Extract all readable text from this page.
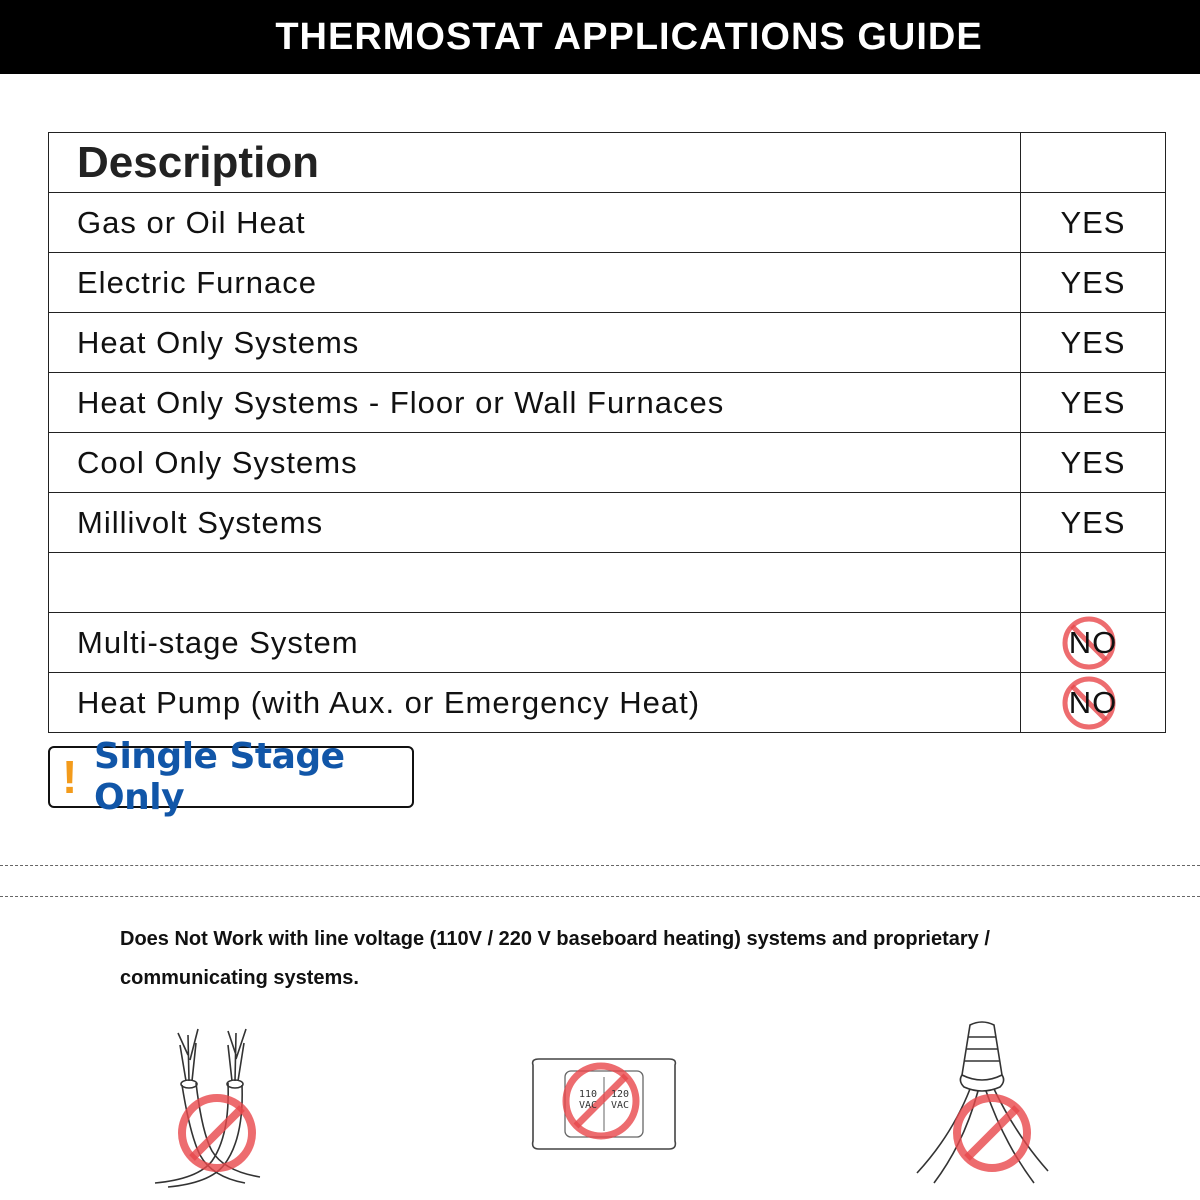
THERMOSTAT APPLICATIONS GUIDE
Description	
Gas or Oil Heat	YES
Electric Furnace	YES
Heat Only Systems	YES
Heat Only Systems - Floor or Wall Furnaces	YES
Cool Only Systems	YES
Millivolt Systems	YES

Multi-stage System	NO
Heat Pump (with Aux. or Emergency Heat)	NO
! Single Stage Only
Does Not Work with line voltage (110V / 220 V baseboard heating) systems and proprietary /
communicating systems.
110 VAC
120 VAC
